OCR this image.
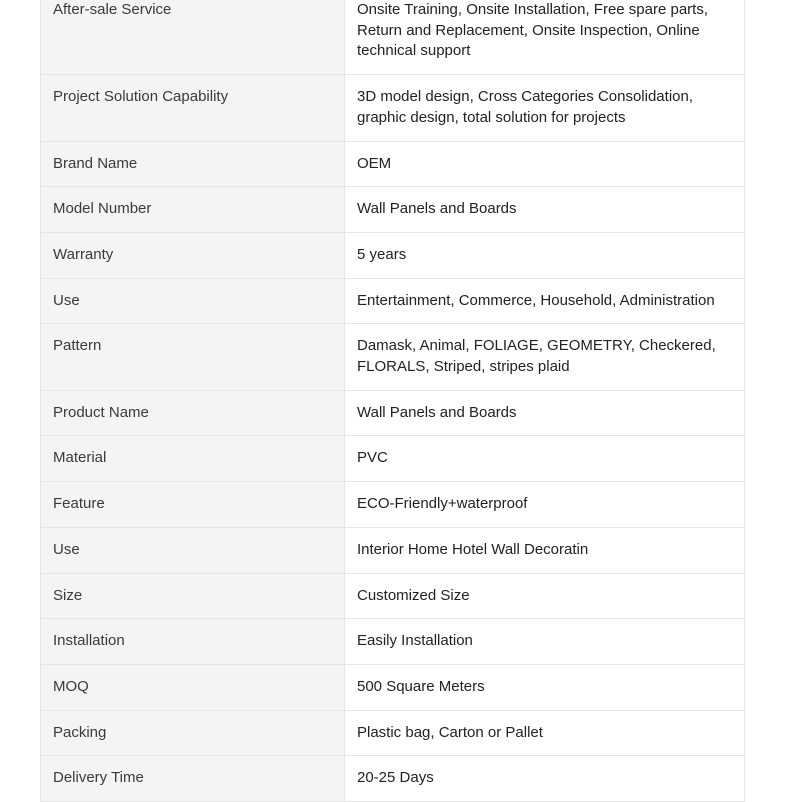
After-sale Service	Onsite Training, Onsite Installation, Free spare parts, Return and Replacement, Onsite Inspection, Online technical support
Project Solution Capability	3D model design, Cross Categories Consolidation, graphic design, total solution for projects
Brand Name	OEM
Model Number	Wall Panels and Boards
Warranty	5 years
Use	Entertainment, Commerce, Household, Administration
Pattern	Damask, Animal, FOLIAGE, GEOMETRY, Checkered, FLORALS, Striped, stripes plaid
Product Name	Wall Panels and Boards
Material	PVC
Feature	ECO-Friendly+waterproof
Use	Interior Home Hotel Wall Decoratin
Size	Customized Size
Installation	Easily Installation
MOQ	500 Square Meters
Packing	Plastic bag, Carton or Pallet
Delivery Time	20-25 Days
